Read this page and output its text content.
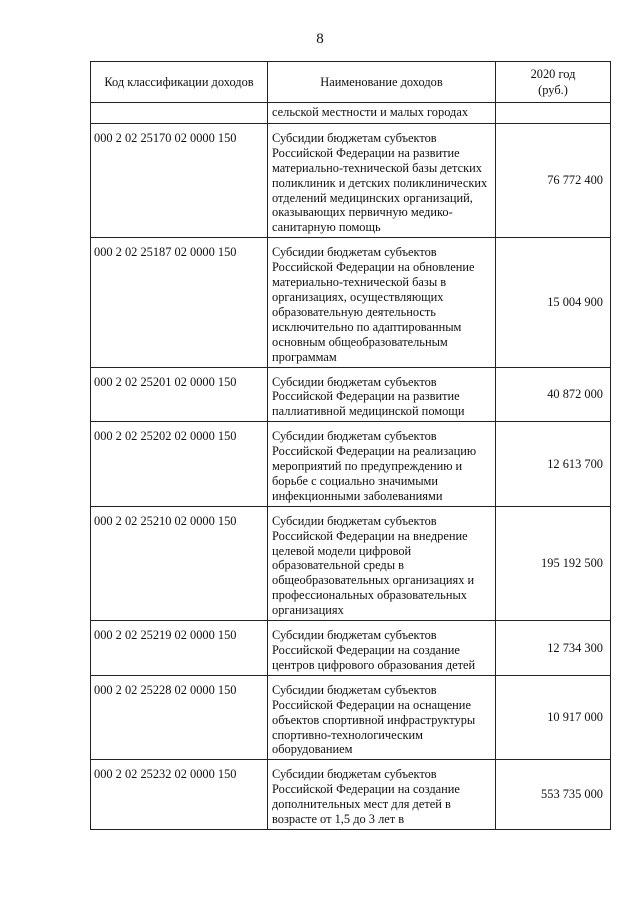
8
Код классификации доходов	Наименование доходов	2020 год
(руб.)
	сельской местности и малых городах	
000 2 02 25170 02 0000 150	Субсидии бюджетам субъектов Российской Федерации на развитие материально-технической базы детских поликлиник и детских поликлинических отделений медицинских организаций, оказывающих первичную медико-санитарную помощь	76 772 400
000 2 02 25187 02 0000 150	Субсидии бюджетам субъектов Российской Федерации на обновление материально-технической базы в организациях, осуществляющих образовательную деятельность исключительно по адаптированным основным общеобразовательным программам	15 004 900
000 2 02 25201 02 0000 150	Субсидии бюджетам субъектов Российской Федерации на развитие паллиативной медицинской помощи	40 872 000
000 2 02 25202 02 0000 150	Субсидии бюджетам субъектов Российской Федерации на реализацию мероприятий по предупреждению и борьбе с социально значимыми инфекционными заболеваниями	12 613 700
000 2 02 25210 02 0000 150	Субсидии бюджетам субъектов Российской Федерации на внедрение целевой модели цифровой образовательной среды в общеобразовательных организациях и профессиональных образовательных организациях	195 192 500
000 2 02 25219 02 0000 150	Субсидии бюджетам субъектов Российской Федерации на создание центров цифрового образования детей	12 734 300
000 2 02 25228 02 0000 150	Субсидии бюджетам субъектов Российской Федерации на оснащение объектов спортивной инфраструктуры спортивно-технологическим оборудованием	10 917 000
000 2 02 25232 02 0000 150	Субсидии бюджетам субъектов Российской Федерации на создание дополнительных мест для детей в возрасте от 1,5 до 3 лет в	553 735 000
